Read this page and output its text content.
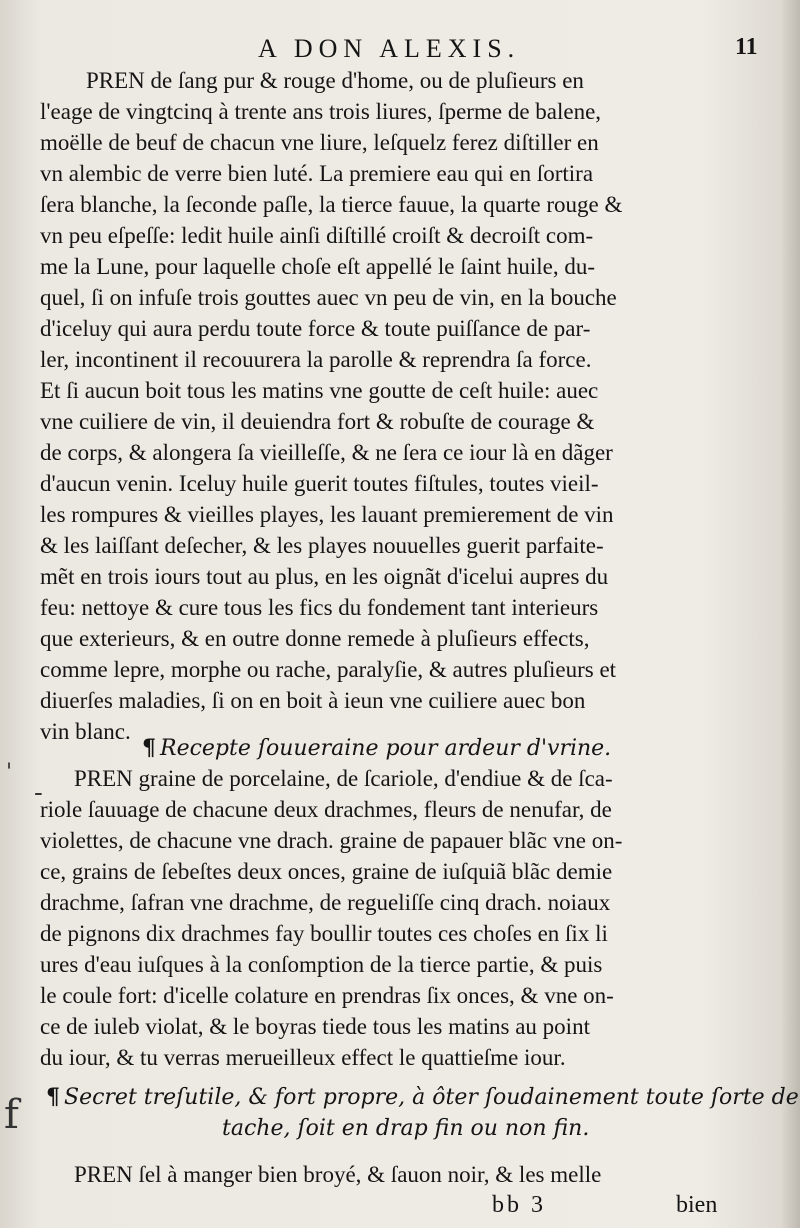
A DON ALEXIS.	11
'
-
f
PREN de ſang pur & rouge d'home, ou de pluſieurs en
l'eage de vingtcinq à trente ans trois liures, ſperme de balene,
moëlle de beuf de chacun vne liure, leſquelz ferez diſtiller en
vn alembic de verre bien luté. La premiere eau qui en ſortira
ſera blanche, la ſeconde paſle, la tierce fauue, la quarte rouge &
vn peu eſpeſſe: ledit huile ainſi diſtillé croiſt & decroiſt com-
me la Lune, pour laquelle choſe eſt appellé le ſaint huile, du-
quel, ſi on infuſe trois gouttes auec vn peu de vin, en la bouche
d'iceluy qui aura perdu toute force & toute puiſſance de par-
ler, incontinent il recouurera la parolle & reprendra ſa force.
Et ſi aucun boit tous les matins vne goutte de ceſt huile: auec
vne cuiliere de vin, il deuiendra fort & robuſte de courage &
de corps, & alongera ſa vieilleſſe, & ne ſera ce iour là en dãger
d'aucun venin. Iceluy huile guerit toutes fiſtules, toutes vieil-
les rompures & vieilles playes, les lauant premierement de vin
& les laiſſant deſecher, & les playes nouuelles guerit parfaite-
mẽt en trois iours tout au plus, en les oignãt d'icelui aupres du
feu: nettoye & cure tous les fics du fondement tant interieurs
que exterieurs, & en outre donne remede à pluſieurs effects,
comme lepre, morphe ou rache, paralyſie, & autres pluſieurs et
diuerſes maladies, ſi on en boit à ieun vne cuiliere auec bon
vin blanc.
¶ Recepte ſouueraine pour ardeur d'vrine.
PREN graine de porcelaine, de ſcariole, d'endiue & de ſca-
riole ſauuage de chacune deux drachmes, fleurs de nenufar, de
violettes, de chacune vne drach. graine de papauer blãc vne on-
ce, grains de ſebeſtes deux onces, graine de iuſquiã blãc demie
drachme, ſafran vne drachme, de regueliſſe cinq drach. noiaux
de pignons dix drachmes fay boullir toutes ces choſes en ſix li
ures d'eau iuſques à la conſomption de la tierce partie, & puis
le coule fort: d'icelle colature en prendras ſix onces, & vne on-
ce de iuleb violat, & le boyras tiede tous les matins au point
du iour, & tu verras merueilleux effect le quattieſme iour.
¶ Secret treſutile, & fort propre, à ôter ſoudainement toute ſorte de
tache, ſoit en drap fin ou non fin.
PREN ſel à manger bien broyé, & ſauon noir, & les melle
bb 3	bien
